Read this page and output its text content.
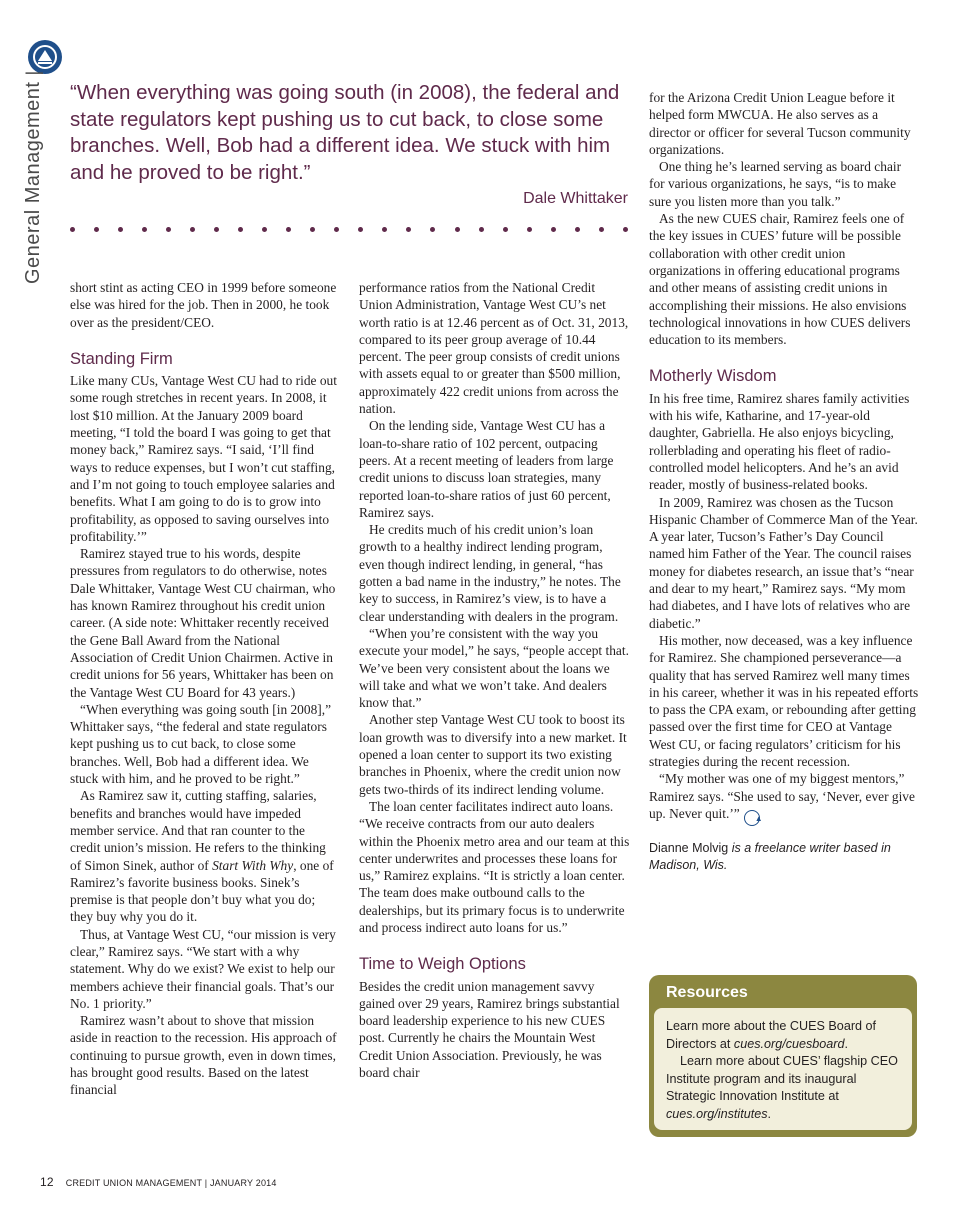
General Management |

“When everything was going south (in 2008), the federal and state regulators kept pushing us to cut back, to close some branches. Well, Bob had a different idea. We stuck with him and he proved to be right.”

Dale Whittaker

short stint as acting CEO in 1999 before someone else was hired for the job. Then in 2000, he took over as the president/CEO.

Standing Firm

Like many CUs, Vantage West CU had to ride out some rough stretches in recent years. In 2008, it lost $10 million. At the January 2009 board meeting, “I told the board I was going to get that money back,” Ramirez says. “I said, ‘I’ll find ways to reduce expenses, but I won’t cut staffing, and I’m not going to touch employee salaries and benefits. What I am going to do is to grow into profitability, as opposed to saving ourselves into profitability.’”

Ramirez stayed true to his words, despite pressures from regulators to do otherwise, notes Dale Whittaker, Vantage West CU chairman, who has known Ramirez throughout his credit union career. (A side note: Whittaker recently received the Gene Ball Award from the National Association of Credit Union Chairmen. Active in credit unions for 56 years, Whittaker has been on the Vantage West CU Board for 43 years.)

“When everything was going south [in 2008],” Whittaker says, “the federal and state regulators kept pushing us to cut back, to close some branches. Well, Bob had a different idea. We stuck with him, and he proved to be right.”

As Ramirez saw it, cutting staffing, salaries, benefits and branches would have impeded member service. And that ran counter to the credit union’s mission. He refers to the thinking of Simon Sinek, author of Start With Why, one of Ramirez’s favorite business books. Sinek’s premise is that people don’t buy what you do; they buy why you do it.

Thus, at Vantage West CU, “our mission is very clear,” Ramirez says. “We start with a why statement. Why do we exist? We exist to help our members achieve their financial goals. That’s our No. 1 priority.”

Ramirez wasn’t about to shove that mission aside in reaction to the recession. His approach of continuing to pursue growth, even in down times, has brought good results. Based on the latest financial

performance ratios from the National Credit Union Administration, Vantage West CU’s net worth ratio is at 12.46 percent as of Oct. 31, 2013, compared to its peer group average of 10.44 percent. The peer group consists of credit unions with assets equal to or greater than $500 million, approximately 422 credit unions from across the nation.

On the lending side, Vantage West CU has a loan-to-share ratio of 102 percent, outpacing peers. At a recent meeting of leaders from large credit unions to discuss loan strategies, many reported loan-to-share ratios of just 60 percent, Ramirez says.

He credits much of his credit union’s loan growth to a healthy indirect lending program, even though indirect lending, in general, “has gotten a bad name in the industry,” he notes. The key to success, in Ramirez’s view, is to have a clear understanding with dealers in the program.

“When you’re consistent with the way you execute your model,” he says, “people accept that. We’ve been very consistent about the loans we will take and what we won’t take. And dealers know that.”

Another step Vantage West CU took to boost its loan growth was to diversify into a new market. It opened a loan center to support its two existing branches in Phoenix, where the credit union now gets two-thirds of its indirect lending volume.

The loan center facilitates indirect auto loans. “We receive contracts from our auto dealers within the Phoenix metro area and our team at this center underwrites and processes these loans for us,” Ramirez explains. “It is strictly a loan center. The team does make outbound calls to the dealerships, but its primary focus is to underwrite and process indirect auto loans for us.”

Time to Weigh Options

Besides the credit union management savvy gained over 29 years, Ramirez brings substantial board leadership experience to his new CUES post. Currently he chairs the Mountain West Credit Union Association. Previously, he was board chair

for the Arizona Credit Union League before it helped form MWCUA. He also serves as a director or officer for several Tucson community organizations.

One thing he’s learned serving as board chair for various organizations, he says, “is to make sure you listen more than you talk.”

As the new CUES chair, Ramirez feels one of the key issues in CUES’ future will be possible collaboration with other credit union organizations in offering educational programs and other means of assisting credit unions in accomplishing their missions. He also envisions technological innovations in how CUES delivers education to its members.

Motherly Wisdom

In his free time, Ramirez shares family activities with his wife, Katharine, and 17-year-old daughter, Gabriella. He also enjoys bicycling, rollerblading and operating his fleet of radio-controlled model helicopters. And he’s an avid reader, mostly of business-related books.

In 2009, Ramirez was chosen as the Tucson Hispanic Chamber of Commerce Man of the Year. A year later, Tucson’s Father’s Day Council named him Father of the Year. The council raises money for diabetes research, an issue that’s “near and dear to my heart,” Ramirez says. “My mom had diabetes, and I have lots of relatives who are diabetic.”

His mother, now deceased, was a key influence for Ramirez. She championed perseverance—a quality that has served Ramirez well many times in his career, whether it was in his repeated efforts to pass the CPA exam, or rebounding after getting passed over the first time for CEO at Vantage West CU, or facing regulators’ criticism for his strategies during the recent recession.

“My mother was one of my biggest mentors,” Ramirez says. “She used to say, ‘Never, ever give up. Never quit.’” ▲

Dianne Molvig is a freelance writer based in Madison, Wis.
Resources

Learn more about the CUES Board of Directors at cues.org/cuesboard.

Learn more about CUES’ flagship CEO Institute program and its inaugural Strategic Innovation Institute at cues.org/institutes.

12 CREDIT UNION MANAGEMENT | JANUARY 2014
